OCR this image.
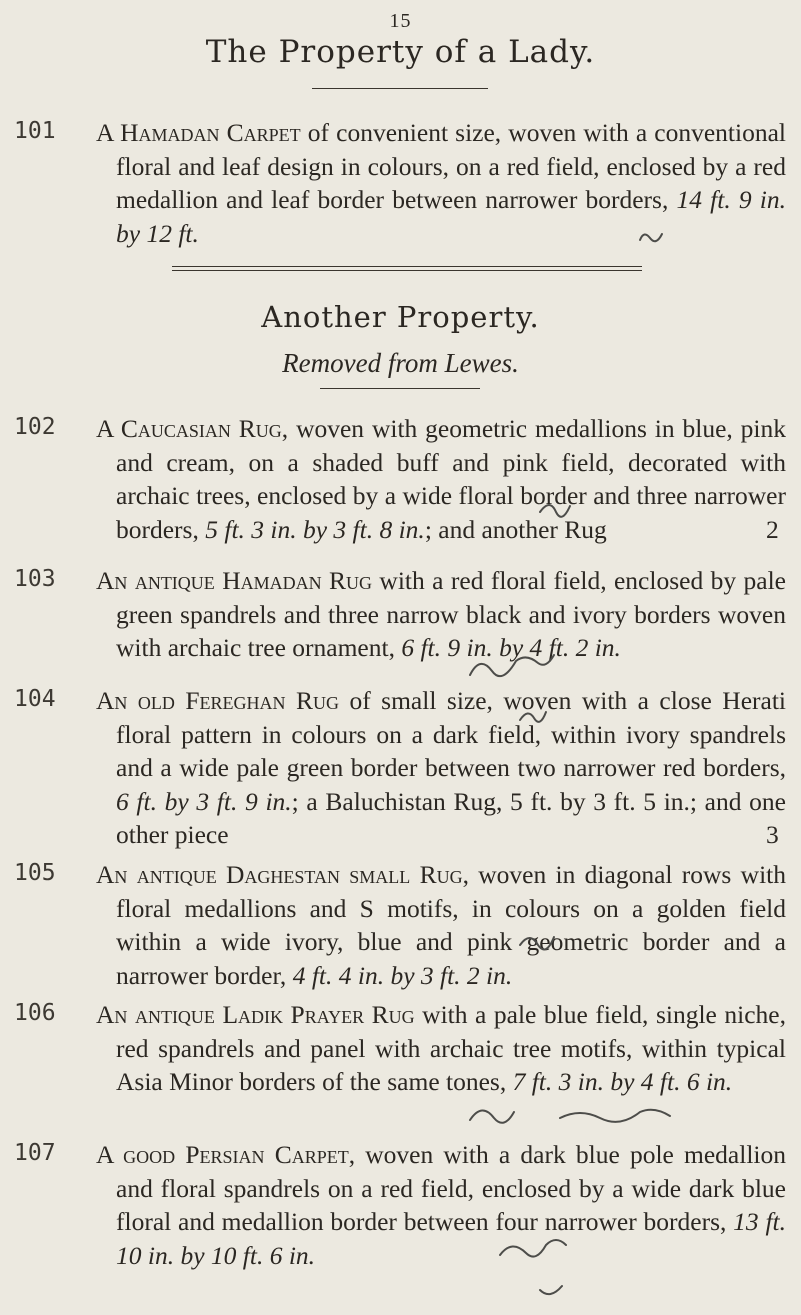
15
The Property of a Lady.
101 A Hamadan Carpet of convenient size, woven with a conventional floral and leaf design in colours, on a red field, enclosed by a red medallion and leaf border between narrower borders, 14 ft. 9 in. by 12 ft.
Another Property.
Removed from Lewes.
102 A Caucasian Rug, woven with geometric medallions in blue, pink and cream, on a shaded buff and pink field, decorated with archaic trees, enclosed by a wide floral border and three narrower borders, 5 ft. 3 in. by 3 ft. 8 in.; and another Rug	2
103 An antique Hamadan Rug with a red floral field, enclosed by pale green spandrels and three narrow black and ivory borders woven with archaic tree ornament, 6 ft. 9 in. by 4 ft. 2 in.
104 An old Fereghan Rug of small size, woven with a close Herati floral pattern in colours on a dark field, within ivory spandrels and a wide pale green border between two narrower red borders, 6 ft. by 3 ft. 9 in.; a Baluchistan Rug, 5 ft. by 3 ft. 5 in.; and one other piece	3
105 An antique Daghestan small Rug, woven in diagonal rows with floral medallions and S motifs, in colours on a golden field within a wide ivory, blue and pink geometric border and a narrower border, 4 ft. 4 in. by 3 ft. 2 in.
106 An antique Ladik Prayer Rug with a pale blue field, single niche, red spandrels and panel with archaic tree motifs, within typical Asia Minor borders of the same tones, 7 ft. 3 in. by 4 ft. 6 in.
107 A good Persian Carpet, woven with a dark blue pole medallion and floral spandrels on a red field, enclosed by a wide dark blue floral and medallion border between four narrower borders, 13 ft. 10 in. by 10 ft. 6 in.
